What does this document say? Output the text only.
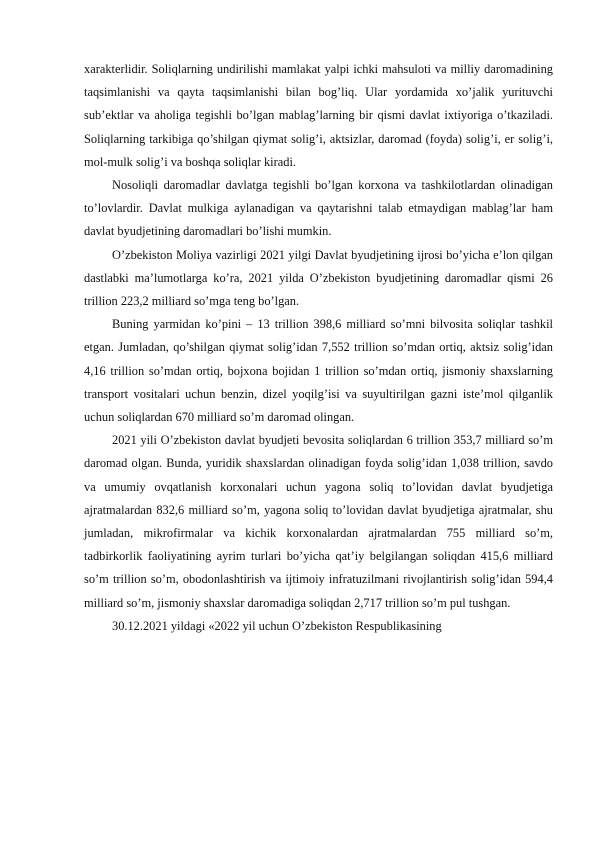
xarakterlidir. Soliqlarning undirilishi mamlakat yalpi ichki mahsuloti va milliy daromadining taqsimlanishi va qayta taqsimlanishi bilan bog’liq. Ular yordamida xo’jalik yurituvchi sub’ektlar va aholiga tegishli bo’lgan mablag’larning bir qismi davlat ixtiyoriga o’tkaziladi. Soliqlarning tarkibiga qo’shilgan qiymat solig’i, aktsizlar, daromad (foyda) solig’i, er solig’i, mol-mulk solig’i va boshqa soliqlar kiradi.

Nosoliqli daromadlar davlatga tegishli bo’lgan korxona va tashkilotlardan olinadigan to’lovlardir. Davlat mulkiga aylanadigan va qaytarishni talab etmaydigan mablag’lar ham davlat byudjetining daromadlari bo’lishi mumkin.

O’zbekiston Moliya vazirligi 2021 yilgi Davlat byudjetining ijrosi bo’yicha e’lon qilgan dastlabki ma’lumotlarga ko’ra, 2021 yilda O’zbekiston byudjetining daromadlar qismi 26 trillion 223,2 milliard so’mga teng bo’lgan.

Buning yarmidan ko’pini – 13 trillion 398,6 milliard so’mni bilvosita soliqlar tashkil etgan. Jumladan, qo’shilgan qiymat solig’idan 7,552 trillion so’mdan ortiq, aktsiz solig’idan 4,16 trillion so’mdan ortiq, bojxona bojidan 1 trillion so’mdan ortiq, jismoniy shaxslarning transport vositalari uchun benzin, dizel yoqilg’isi va suyultirilgan gazni iste’mol qilganlik uchun soliqlardan 670 milliard so’m daromad olingan.

2021 yili O’zbekiston davlat byudjeti bevosita soliqlardan 6 trillion 353,7 milliard so’m daromad olgan. Bunda, yuridik shaxslardan olinadigan foyda solig’idan 1,038 trillion, savdo va umumiy ovqatlanish korxonalari uchun yagona soliq to’lovidan davlat byudjetiga ajratmalardan 832,6 milliard so’m, yagona soliq to’lovidan davlat byudjetiga ajratmalar, shu jumladan, mikrofirmalar va kichik korxonalardan ajratmalardan 755 milliard so’m, tadbirkorlik faoliyatining ayrim turlari bo’yicha qat’iy belgilangan soliqdan 415,6 milliard so’m trillion so’m, obodonlashtirish va ijtimoiy infratuzilmani rivojlantirish solig’idan 594,4 milliard so’m, jismoniy shaxslar daromadiga soliqdan 2,717 trillion so’m pul tushgan.

30.12.2021 yildagi «2022 yil uchun O’zbekiston Respublikasining
